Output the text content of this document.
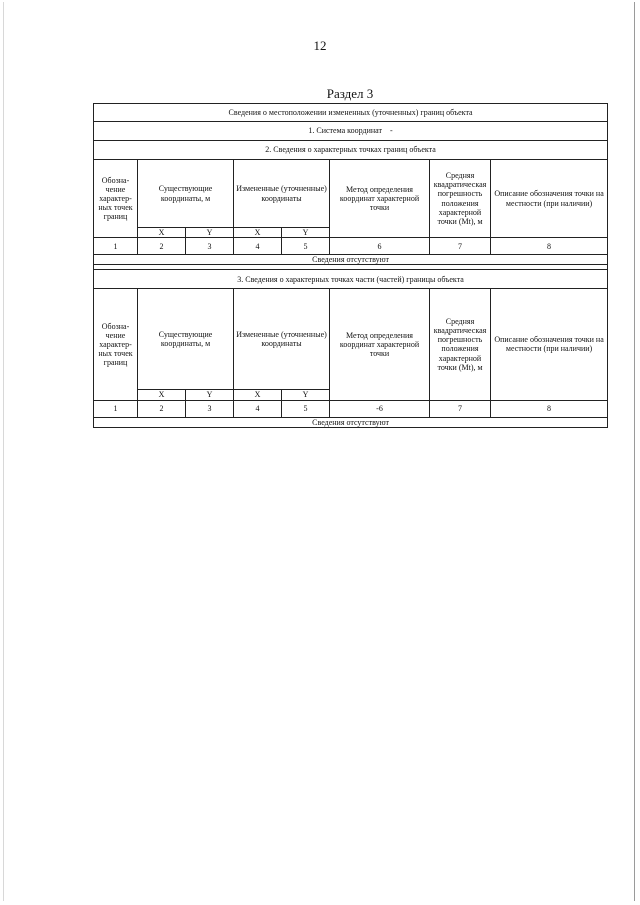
12
Раздел 3
Сведения о местоположении измененных (уточненных) границ объекта							
1. Система координат -							
2. Сведения о характерных точках границ объекта							
Обозна-чение характер-ных точек границ	Существующие координаты, м		Измененные (уточненные) координаты		Метод определения координат характерной точки	Средняя квадратическая погрешность положения характерной точки (Mt), м	Описание обозначения точки на местности (при наличии)
	X	Y	X	Y			
1	2	3	4	5	6	7	8
Сведения отсутствуют							

3. Сведения о характерных точках части (частей) границы объекта							
Обозна-чение характер-ных точек границ	Существующие координаты, м		Измененные (уточненные) координаты		Метод определения координат характерной точки	Средняя квадратическая погрешность положения характерной точки (Mt), м	Описание обозначения точки на местности (при наличии)
	X	Y	X	Y			
1	2	3	4	5	-6	7	8
Сведения отсутствуют							
